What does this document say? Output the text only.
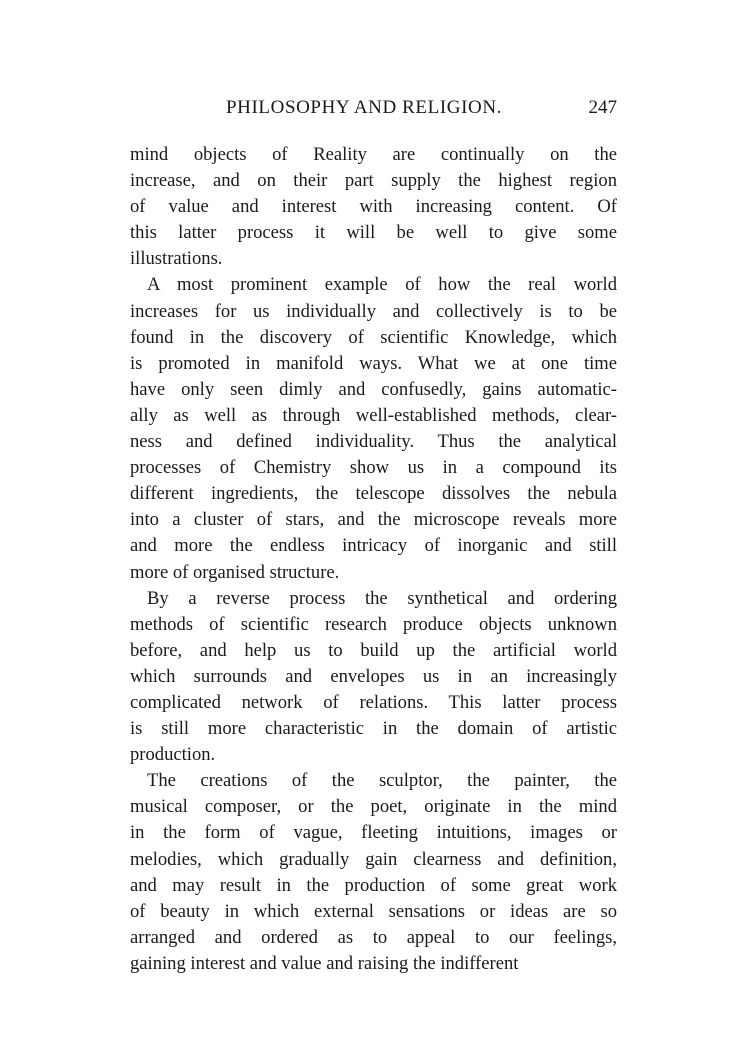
PHILOSOPHY AND RELIGION.	247

mind objects of Reality are continually on the
increase, and on their part supply the highest region
of value and interest with increasing content. Of
this latter process it will be well to give some
illustrations.

A most prominent example of how the real world
increases for us individually and collectively is to be
found in the discovery of scientific Knowledge, which
is promoted in manifold ways. What we at one time
have only seen dimly and confusedly, gains automatic-
ally as well as through well-established methods, clear-
ness and defined individuality. Thus the analytical
processes of Chemistry show us in a compound its
different ingredients, the telescope dissolves the nebula
into a cluster of stars, and the microscope reveals more
and more the endless intricacy of inorganic and still
more of organised structure.

By a reverse process the synthetical and ordering
methods of scientific research produce objects unknown
before, and help us to build up the artificial world
which surrounds and envelopes us in an increasingly
complicated network of relations. This latter process
is still more characteristic in the domain of artistic
production.

The creations of the sculptor, the painter, the
musical composer, or the poet, originate in the mind
in the form of vague, fleeting intuitions, images or
melodies, which gradually gain clearness and definition,
and may result in the production of some great work
of beauty in which external sensations or ideas are so
arranged and ordered as to appeal to our feelings,
gaining interest and value and raising the indifferent
